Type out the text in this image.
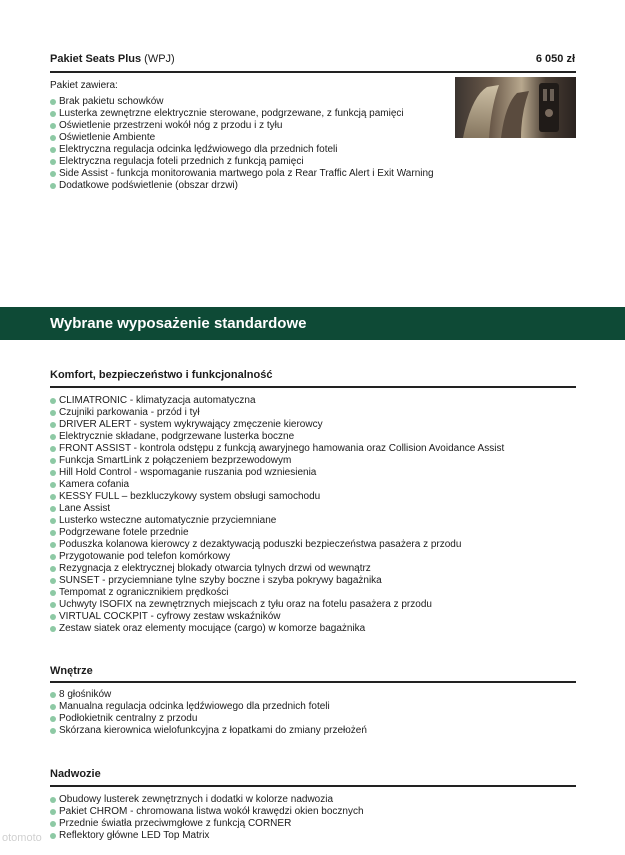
Pakiet Seats Plus (WPJ)	6 050 zł
Pakiet zawiera:
Brak pakietu schowków
Lusterka zewnętrzne elektrycznie sterowane, podgrzewane, z funkcją pamięci
Oświetlenie przestrzeni wokół nóg z przodu i z tyłu
Oświetlenie Ambiente
Elektryczna regulacja odcinka lędźwiowego dla przednich foteli
Elektryczna regulacja foteli przednich z funkcją pamięci
Side Assist - funkcja monitorowania martwego pola z Rear Traffic Alert i Exit Warning
Dodatkowe podświetlenie (obszar drzwi)
Wybrane wyposażenie standardowe
Komfort, bezpieczeństwo i funkcjonalność
CLIMATRONIC - klimatyzacja automatyczna
Czujniki parkowania - przód i tył
DRIVER ALERT - system wykrywający zmęczenie kierowcy
Elektrycznie składane, podgrzewane lusterka boczne
FRONT ASSIST - kontrola odstępu z funkcją awaryjnego hamowania oraz Collision Avoidance Assist
Funkcja SmartLink z połączeniem bezprzewodowym
Hill Hold Control - wspomaganie ruszania pod wzniesienia
Kamera cofania
KESSY FULL – bezkluczykowy system obsługi samochodu
Lane Assist
Lusterko wsteczne automatycznie przyciemniane
Podgrzewane fotele przednie
Poduszka kolanowa kierowcy z dezaktywacją poduszki bezpieczeństwa pasażera z przodu
Przygotowanie pod telefon komórkowy
Rezygnacja z elektrycznej blokady otwarcia tylnych drzwi od wewnątrz
SUNSET - przyciemniane tylne szyby boczne i szyba pokrywy bagażnika
Tempomat z ogranicznikiem prędkości
Uchwyty ISOFIX na zewnętrznych miejscach z tyłu oraz na fotelu pasażera z przodu
VIRTUAL COCKPIT - cyfrowy zestaw wskaźników
Zestaw siatek oraz elementy mocujące (cargo) w komorze bagażnika
Wnętrze
8 głośników
Manualna regulacja odcinka lędźwiowego dla przednich foteli
Podłokietnik centralny z przodu
Skórzana kierownica wielofunkcyjna z łopatkami do zmiany przełożeń
Nadwozie
Obudowy lusterek zewnętrznych i dodatki w kolorze nadwozia
Pakiet CHROM - chromowana listwa wokół krawędzi okien bocznych
Przednie światła przeciwmgłowe z funkcją CORNER
Reflektory główne LED Top Matrix
otomoto
